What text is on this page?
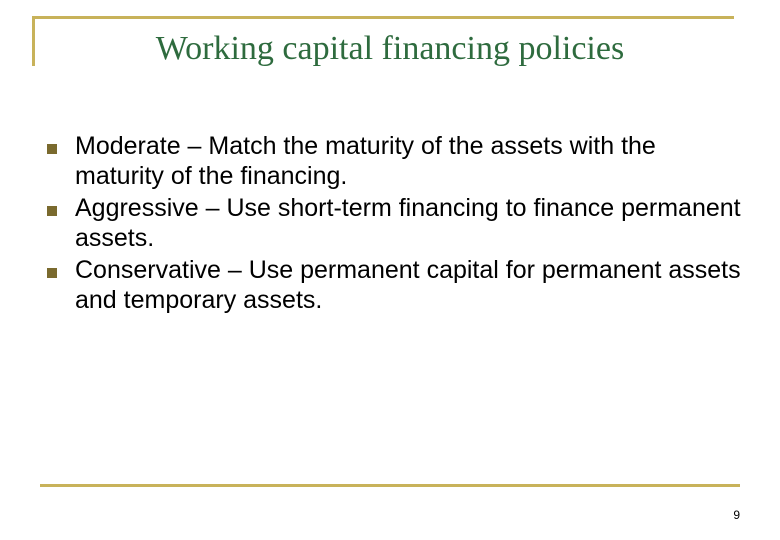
Working capital financing policies
Moderate – Match the maturity of the assets with the maturity of the financing.
Aggressive – Use short-term financing to finance permanent assets.
Conservative – Use permanent capital for permanent assets and temporary assets.
9
